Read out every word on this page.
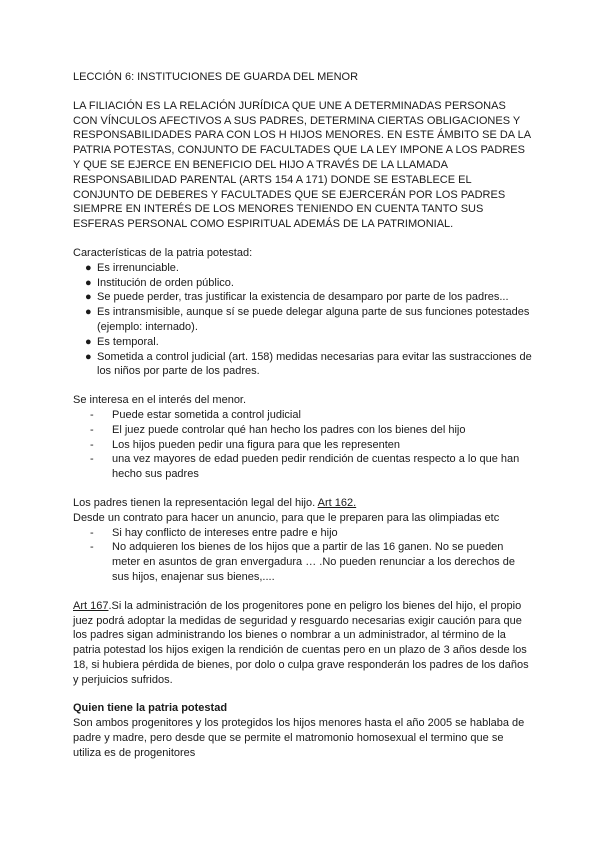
LECCIÓN 6: INSTITUCIONES DE GUARDA DEL MENOR

LA FILIACIÓN ES LA RELACIÓN JURÍDICA QUE UNE A DETERMINADAS PERSONAS CON VÍNCULOS AFECTIVOS A SUS PADRES, DETERMINA CIERTAS OBLIGACIONES Y RESPONSABILIDADES PARA CON LOS H HIJOS MENORES. EN ESTE ÁMBITO SE DA LA PATRIA POTESTAS, CONJUNTO DE FACULTADES QUE LA LEY IMPONE A LOS PADRES Y QUE SE EJERCE EN BENEFICIO DEL HIJO A TRAVÉS DE LA LLAMADA RESPONSABILIDAD PARENTAL (ARTS 154 A 171) DONDE SE ESTABLECE EL CONJUNTO DE DEBERES Y FACULTADES QUE SE EJERCERÁN POR LOS PADRES SIEMPRE EN INTERÉS DE LOS MENORES TENIENDO EN CUENTA TANTO SUS ESFERAS PERSONAL COMO ESPIRITUAL ADEMÁS DE LA PATRIMONIAL.

Características de la patria potestad:

● Es irrenunciable.
● Institución de orden público.
● Se puede perder, tras justificar la existencia de desamparo por parte de los padres...
● Es intransmisible, aunque sí se puede delegar alguna parte de sus funciones potestades (ejemplo: internado).
● Es temporal.
● Sometida a control judicial (art. 158) medidas necesarias para evitar las sustracciones de los niños por parte de los padres.

Se interesa en el interés del menor.

- Puede estar sometida a control judicial
- El juez puede controlar qué han hecho los padres con los bienes del hijo
- Los hijos pueden pedir una figura para que les representen
- una vez mayores de edad pueden pedir rendición de cuentas respecto a lo que han hecho sus padres

Los padres tienen la representación legal del hijo. Art 162.

Desde un contrato para hacer un anuncio, para que le preparen para las olimpiadas etc

- Si hay conflicto de intereses entre padre e hijo
- No adquieren los bienes de los hijos que a partir de las 16 ganen. No se pueden meter en asuntos de gran envergadura … .No pueden renunciar a los derechos de sus hijos, enajenar sus bienes,....

Art 167.Si la administración de los progenitores pone en peligro los bienes del hijo, el propio juez podrá adoptar la medidas de seguridad y resguardo necesarias exigir caución para que los padres sigan administrando los bienes o nombrar a un administrador, al término de la patria potestad los hijos exigen la rendición de cuentas pero en un plazo de 3 años desde los 18, si hubiera pérdida de bienes, por dolo o culpa grave responderán los padres de los daños y perjuicios sufridos.

Quien tiene la patria potestad

Son ambos progenitores y los protegidos los hijos menores hasta el año 2005 se hablaba de padre y madre, pero desde que se permite el matromonio homosexual el termino que se utiliza es de progenitores
